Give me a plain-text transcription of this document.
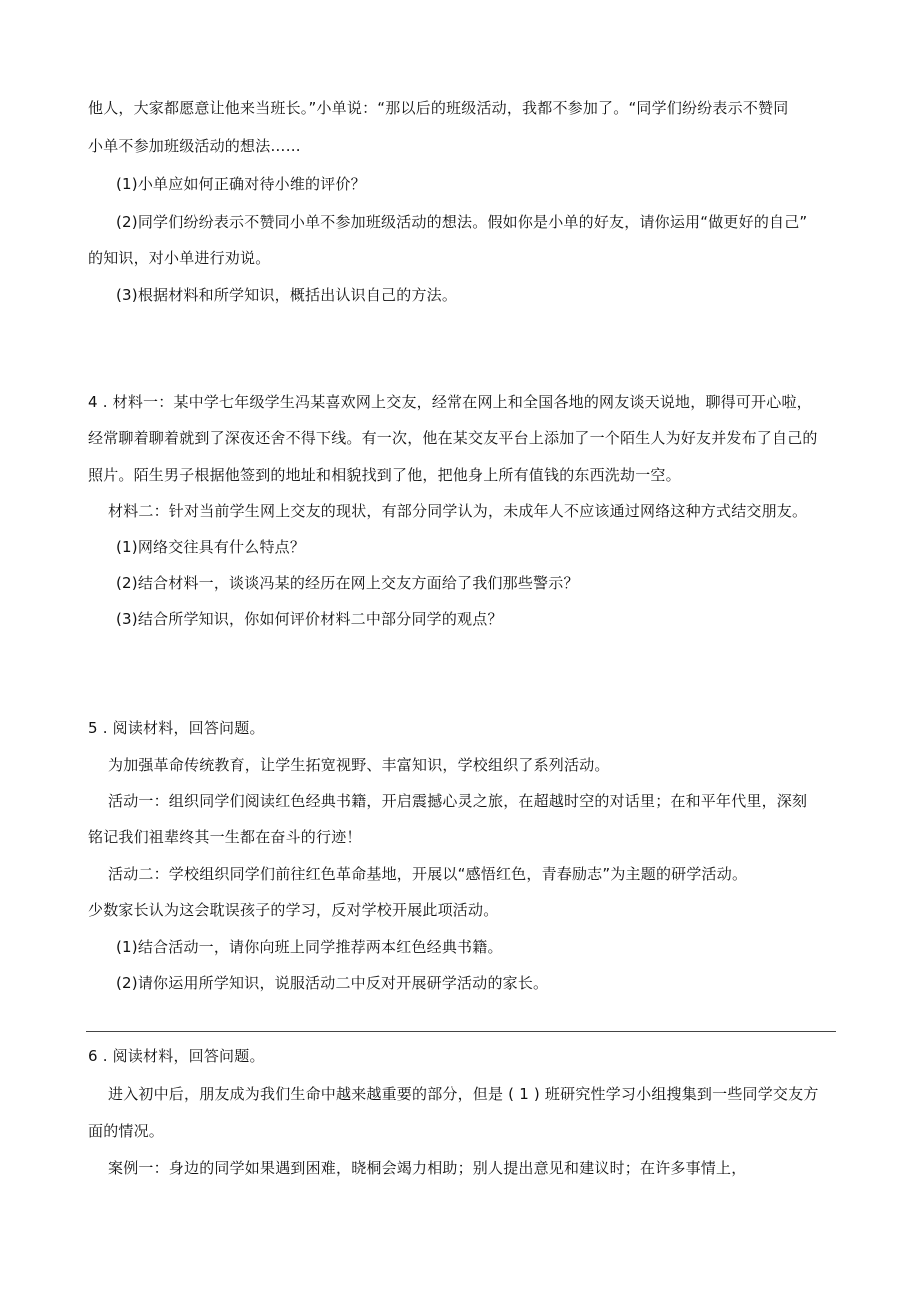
他人，大家都愿意让他来当班长。”小单说：“那以后的班级活动，我都不参加了。“同学们纷纷表示不赞同
小单不参加班级活动的想法……
(1)小单应如何正确对待小维的评价？
(2)同学们纷纷表示不赞同小单不参加班级活动的想法。假如你是小单的好友，请你运用“做更好的自己”
的知识，对小单进行劝说。
(3)根据材料和所学知识，概括出认识自己的方法。
4 . 材料一：某中学七年级学生冯某喜欢网上交友，经常在网上和全国各地的网友谈天说地，聊得可开心啦，
经常聊着聊着就到了深夜还舍不得下线。有一次，他在某交友平台上添加了一个陌生人为好友并发布了自己的
照片。陌生男子根据他签到的地址和相貌找到了他，把他身上所有值钱的东西洗劫一空。
材料二：针对当前学生网上交友的现状，有部分同学认为，未成年人不应该通过网络这种方式结交朋友。
(1)网络交往具有什么特点？
(2)结合材料一，谈谈冯某的经历在网上交友方面给了我们那些警示？
(3)结合所学知识，你如何评价材料二中部分同学的观点？
5 . 阅读材料，回答问题。
为加强革命传统教育，让学生拓宽视野、丰富知识，学校组织了系列活动。
活动一：组织同学们阅读红色经典书籍，开启震撼心灵之旅，在超越时空的对话里；在和平年代里，深刻
铭记我们祖辈终其一生都在奋斗的行迹！
活动二：学校组织同学们前往红色革命基地，开展以“感悟红色，青春励志”为主题的研学活动。
少数家长认为这会耽误孩子的学习，反对学校开展此项活动。
(1)结合活动一，请你向班上同学推荐两本红色经典书籍。
(2)请你运用所学知识，说服活动二中反对开展研学活动的家长。
6 . 阅读材料，回答问题。
进入初中后，朋友成为我们生命中越来越重要的部分，但是 ( 1 ) 班研究性学习小组搜集到一些同学交友方
面的情况。
案例一：身边的同学如果遇到困难，晓桐会竭力相助；别人提出意见和建议时；在许多事情上，
